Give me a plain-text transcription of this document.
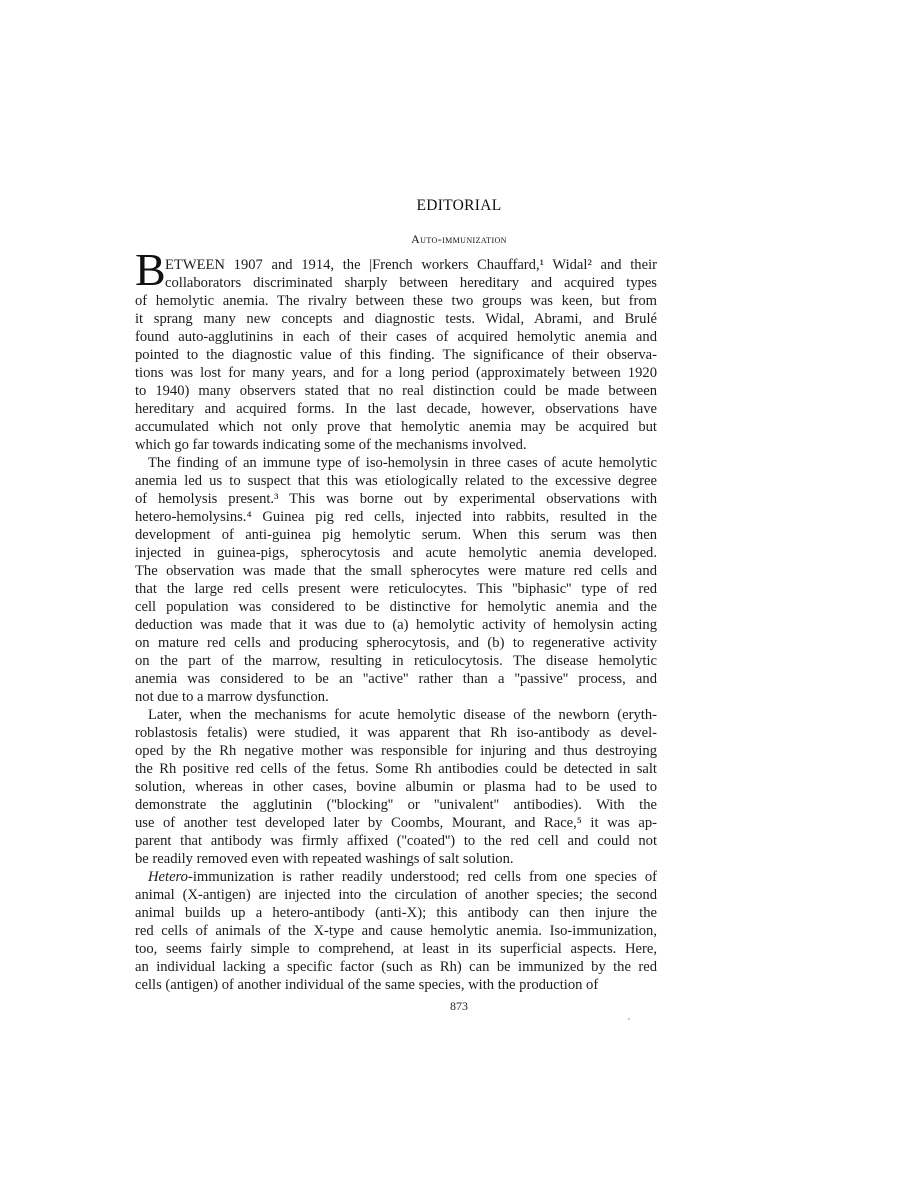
EDITORIAL
Auto-immunization
B ETWEEN 1907 and 1914, the |French workers Chauffard,¹ Widal² and their
collaborators discriminated sharply between hereditary and acquired types
of hemolytic anemia. The rivalry between these two groups was keen, but from
it sprang many new concepts and diagnostic tests. Widal, Abrami, and Brulé
found auto-agglutinins in each of their cases of acquired hemolytic anemia and
pointed to the diagnostic value of this finding. The significance of their observa-
tions was lost for many years, and for a long period (approximately between 1920
to 1940) many observers stated that no real distinction could be made between
hereditary and acquired forms. In the last decade, however, observations have
accumulated which not only prove that hemolytic anemia may be acquired but
which go far towards indicating some of the mechanisms involved.
The finding of an immune type of iso-hemolysin in three cases of acute hemolytic
anemia led us to suspect that this was etiologically related to the excessive degree
of hemolysis present.³ This was borne out by experimental observations with
hetero-hemolysins.⁴ Guinea pig red cells, injected into rabbits, resulted in the
development of anti-guinea pig hemolytic serum. When this serum was then
injected in guinea-pigs, spherocytosis and acute hemolytic anemia developed.
The observation was made that the small spherocytes were mature red cells and
that the large red cells present were reticulocytes. This ''biphasic'' type of red
cell population was considered to be distinctive for hemolytic anemia and the
deduction was made that it was due to (a) hemolytic activity of hemolysin acting
on mature red cells and producing spherocytosis, and (b) to regenerative activity
on the part of the marrow, resulting in reticulocytosis. The disease hemolytic
anemia was considered to be an ''active'' rather than a ''passive'' process, and
not due to a marrow dysfunction.
Later, when the mechanisms for acute hemolytic disease of the newborn (eryth-
roblastosis fetalis) were studied, it was apparent that Rh iso-antibody as devel-
oped by the Rh negative mother was responsible for injuring and thus destroying
the Rh positive red cells of the fetus. Some Rh antibodies could be detected in salt
solution, whereas in other cases, bovine albumin or plasma had to be used to
demonstrate the agglutinin (''blocking'' or ''univalent'' antibodies). With the
use of another test developed later by Coombs, Mourant, and Race,⁵ it was ap-
parent that antibody was firmly affixed (''coated'') to the red cell and could not
be readily removed even with repeated washings of salt solution.
Hetero-immunization is rather readily understood; red cells from one species of
animal (X-antigen) are injected into the circulation of another species; the second
animal builds up a hetero-antibody (anti-X); this antibody can then injure the
red cells of animals of the X-type and cause hemolytic anemia. Iso-immunization,
too, seems fairly simple to comprehend, at least in its superficial aspects. Here,
an individual lacking a specific factor (such as Rh) can be immunized by the red
cells (antigen) of another individual of the same species, with the production of
873
